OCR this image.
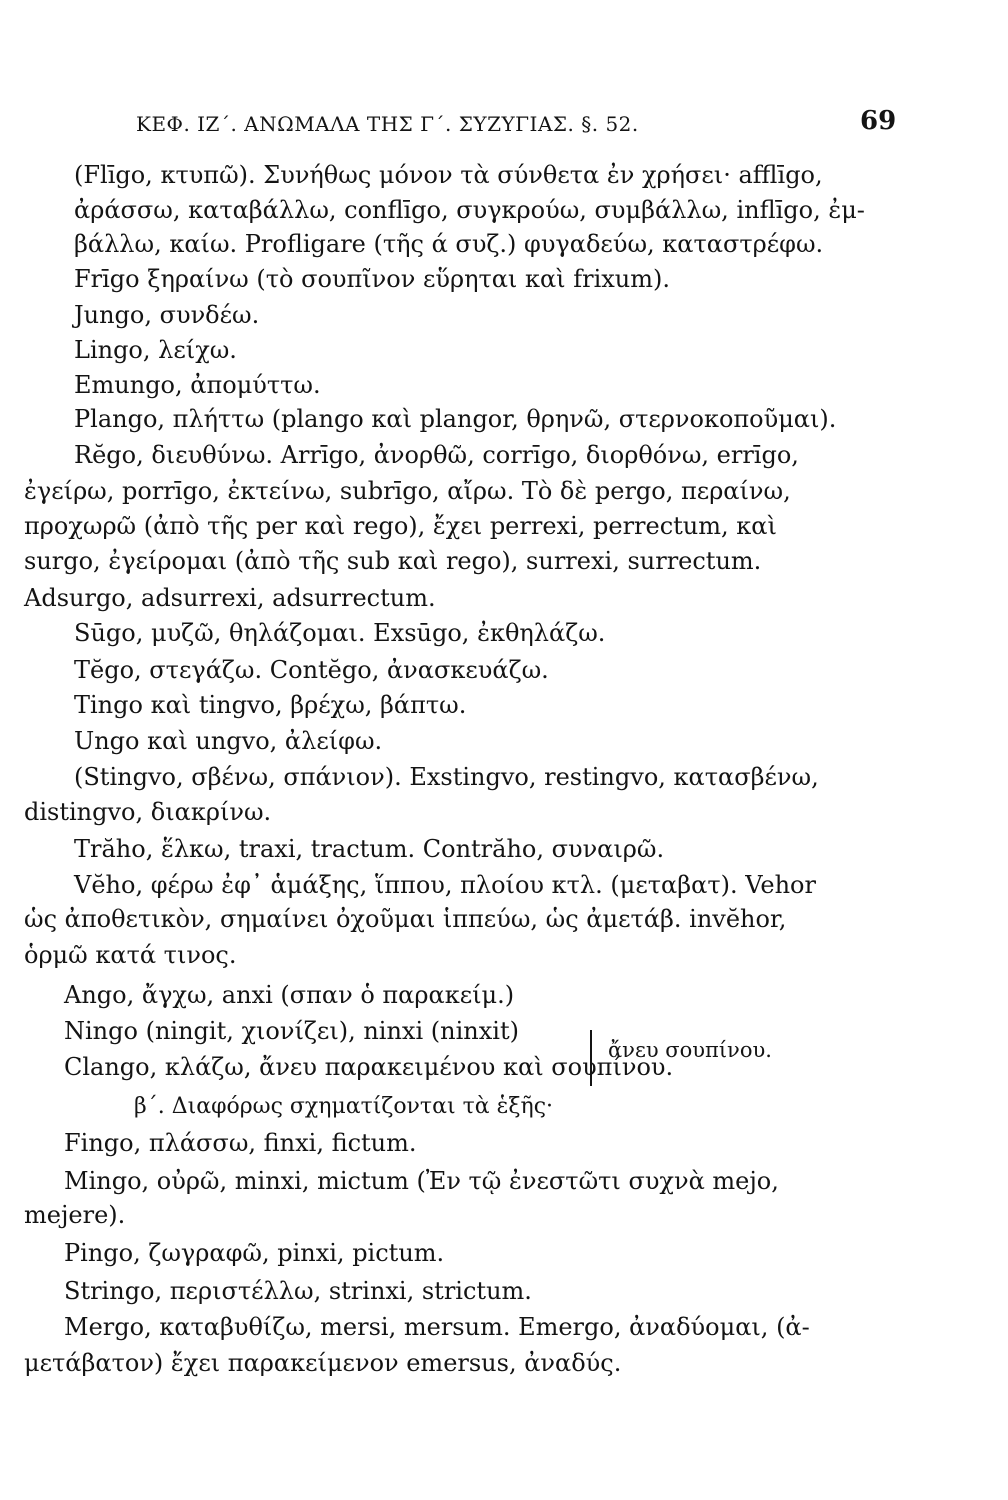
ΚΕΦ. ΙΖ΄. ΑΝΩΜΑΛΑ ΤΗΣ Γ΄. ΣΥΖΥΓΙΑΣ. §. 52.	69
(Flīgo, κτυπῶ). Συνήθως μόνον τὰ σύνθετα ἐν χρήσει· afflīgo,
ἀράσσω, καταβάλλω, conflīgo, συγκρούω, συμβάλλω, inflīgo, ἐμ-
βάλλω, καίω. Profligare (τῆς ά συζ.) φυγαδεύω, καταστρέφω.
Frīgo ξηραίνω (τὸ σουπῖνον εὕρηται καὶ frixum).
Jungo, συνδέω.
Lingo, λείχω.
Emungo, ἀπομύττω.
Plango, πλήττω (plango καὶ plangor, θρηνῶ, στερνοκοποῦμαι).
Rĕgo, διευθύνω. Arrīgo, ἀνορθῶ, corrīgo, διορθόνω, errīgo,
ἐγείρω, porrīgo, ἐκτείνω, subrīgo, αἴρω. Τὸ δὲ pergo, περαίνω,
προχωρῶ (ἀπὸ τῆς per καὶ rego), ἔχει perrexi, perrectum, καὶ
surgo, ἐγείρομαι (ἀπὸ τῆς sub καὶ rego), surrexi, surrectum.
Adsurgo, adsurrexi, adsurrectum.
Sūgo, μυζῶ, θηλάζομαι. Exsūgo, ἐκθηλάζω.
Tĕgo, στεγάζω. Contĕgo, ἀνασκευάζω.
Tingo καὶ tingvo, βρέχω, βάπτω.
Ungo καὶ ungvo, ἀλείφω.
(Stingvo, σβένω, σπάνιον). Exstingvo, restingvo, κατασβένω,
distingvo, διακρίνω.
Trăho, ἕλκω, traxi, tractum. Contrăho, συναιρῶ.
Vĕho, φέρω ἐφ᾽ ἁμάξης, ἵππου, πλοίου κτλ. (μεταβατ). Vehor
ὡς ἀποθετικὸν, σημαίνει ὀχοῦμαι ἱππεύω, ὡς ἀμετάβ. invĕhor,
ὁρμῶ κατά τινος.
Ango, ἄγχω, anxi (σπαν ὁ παρακείμ.)
Ningo (ningit, χιονίζει), ninxi (ninxit)
Clango, κλάζω, ἄνευ παρακειμένου καὶ σουπίνου.
ἄνευ σουπίνου.
β΄. Διαφόρως σχηματίζονται τὰ ἑξῆς·
Fingo, πλάσσω, finxi, fictum.
Mingo, οὐρῶ, minxi, mictum (Ἐν τῷ ἐνεστῶτι συχνὰ mejo,
mejere).
Pingo, ζωγραφῶ, pinxi, pictum.
Stringo, περιστέλλω, strinxi, strictum.
Mergo, καταβυθίζω, mersi, mersum. Emergo, ἀναδύομαι, (ἀ-
μετάβατον) ἔχει παρακείμενον emersus, ἀναδύς.
